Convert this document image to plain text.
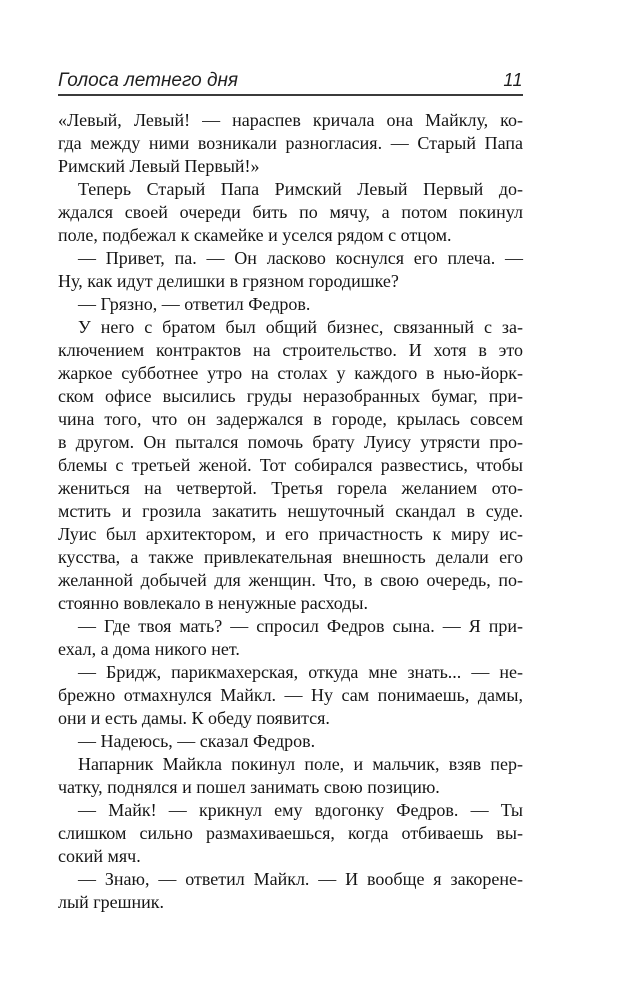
Голоса летнего дня	11
«Левый, Левый! — нараспев кричала она Майклу, ко-
гда между ними возникали разногласия. — Старый Папа
Римский Левый Первый!»
Теперь Старый Папа Римский Левый Первый до-
ждался своей очереди бить по мячу, а потом покинул
поле, подбежал к скамейке и уселся рядом с отцом.
— Привет, па. — Он ласково коснулся его плеча. —
Ну, как идут делишки в грязном городишке?
— Грязно, — ответил Федров.
У него с братом был общий бизнес, связанный с за-
ключением контрактов на строительство. И хотя в это
жаркое субботнее утро на столах у каждого в нью-йорк-
ском офисе высились груды неразобранных бумаг, при-
чина того, что он задержался в городе, крылась совсем
в другом. Он пытался помочь брату Луису утрясти про-
блемы с третьей женой. Тот собирался развестись, чтобы
жениться на четвертой. Третья горела желанием ото-
мстить и грозила закатить нешуточный скандал в суде.
Луис был архитектором, и его причастность к миру ис-
кусства, а также привлекательная внешность делали его
желанной добычей для женщин. Что, в свою очередь, по-
стоянно вовлекало в ненужные расходы.
— Где твоя мать? — спросил Федров сына. — Я при-
ехал, а дома никого нет.
— Бридж, парикмахерская, откуда мне знать... — не-
брежно отмахнулся Майкл. — Ну сам понимаешь, дамы,
они и есть дамы. К обеду появится.
— Надеюсь, — сказал Федров.
Напарник Майкла покинул поле, и мальчик, взяв пер-
чатку, поднялся и пошел занимать свою позицию.
— Майк! — крикнул ему вдогонку Федров. — Ты
слишком сильно размахиваешься, когда отбиваешь вы-
сокий мяч.
— Знаю, — ответил Майкл. — И вообще я закорене-
лый грешник.
